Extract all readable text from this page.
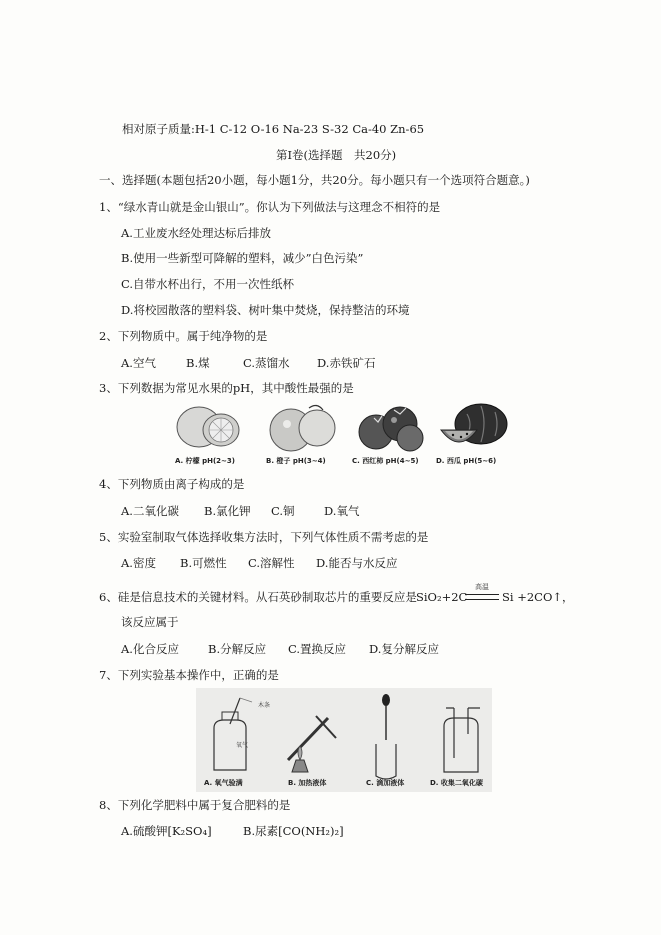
相对原子质量:H-1 C-12 O-16 Na-23 S-32 Ca-40 Zn-65
第Ⅰ卷(选择题　共20分)
一、选择题(本题包括20小题，每小题1分，共20分。每小题只有一个选项符合题意。)
1、“绿水青山就是金山银山”。你认为下列做法与这理念不相符的是
A.工业废水经处理达标后排放
B.使用一些新型可降解的塑料，减少”白色污染”
C.自带水杯出行，不用一次性纸杯
D.将校园散落的塑料袋、树叶集中焚烧，保持整洁的环境
2、下列物质中。属于纯净物的是
A.空气	B.煤	C.蒸馏水 D.赤铁矿石
3、下列数据为常见水果的pH，其中酸性最强的是
A. 柠檬 pH(2~3)	B. 橙子 pH(3~4)	C. 西红柿 pH(4~5) D. 西瓜 pH(5~6)
4、下列物质由离子构成的是
A.二氧化碳 B.氯化钾 C.铜	D.氧气
5、实验室制取气体选择收集方法时，下列气体性质不需考虑的是
A.密度 B.可燃性 C.溶解性 D.能否与水反应
6、硅是信息技术的关键材料。从石英砂制取芯片的重要反应是 SiO₂+2C
高温
Si +2CO↑，
该反应属于
A.化合反应	B.分解反应 C.置换反应 D.复分解反应
7、下列实验基本操作中，正确的是
木条
氧气
A. 氧气验满	B. 加热液体	C. 滴加液体	D. 收集二氧化碳
8、下列化学肥料中属于复合肥料的是
A.硫酸钾[K₂SO₄]	B.尿素[CO(NH₂)₂]
